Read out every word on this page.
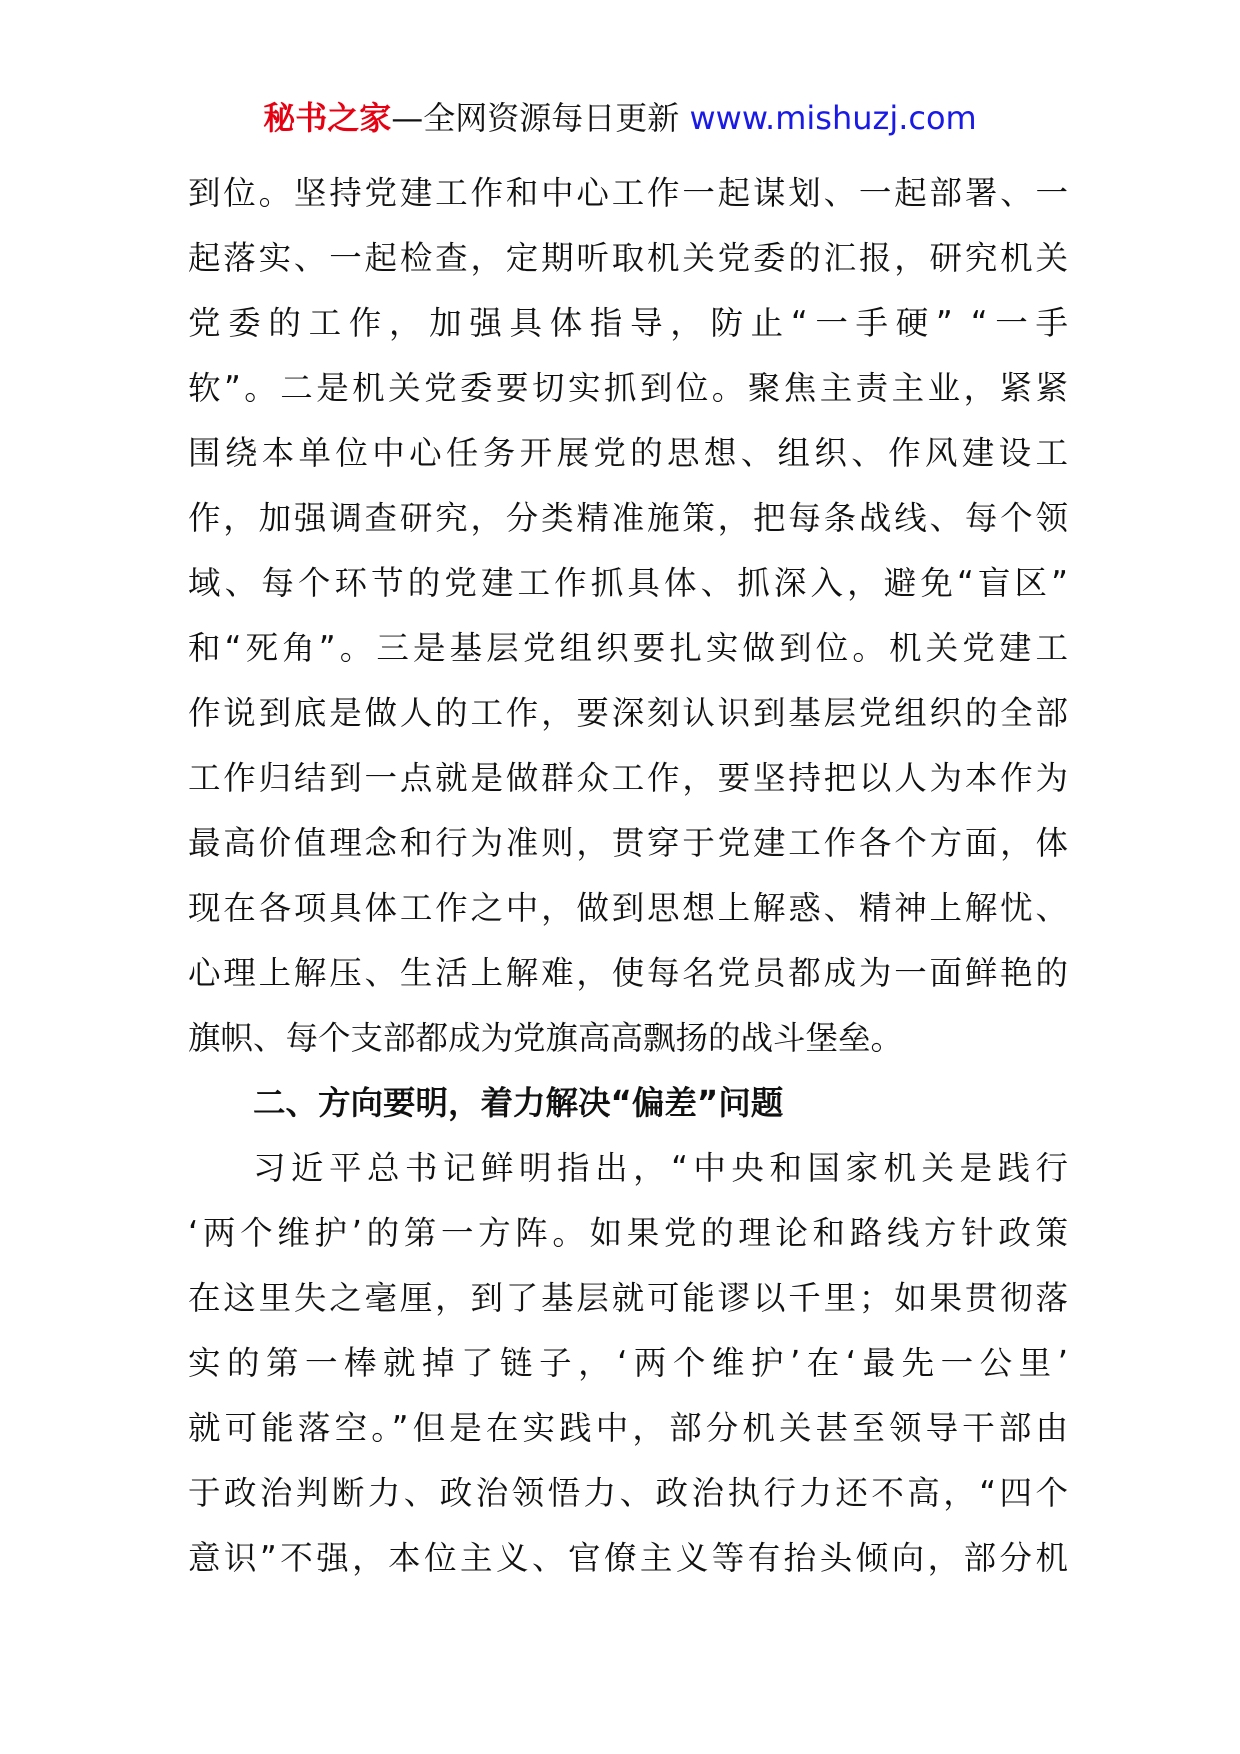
秘书之家—全网资源每日更新 www.mishuzj.com
到位。坚持党建工作和中心工作一起谋划、一起部署、一
起落实、一起检查，定期听取机关党委的汇报，研究机关
党委的工作，加强具体指导，防止“一手硬” “一手
软”。二是机关党委要切实抓到位。聚焦主责主业，紧紧
围绕本单位中心任务开展党的思想、组织、作风建设工
作，加强调查研究，分类精准施策，把每条战线、每个领
域、每个环节的党建工作抓具体、抓深入，避免“盲区”
和“死角”。三是基层党组织要扎实做到位。机关党建工
作说到底是做人的工作，要深刻认识到基层党组织的全部
工作归结到一点就是做群众工作，要坚持把以人为本作为
最高价值理念和行为准则，贯穿于党建工作各个方面，体
现在各项具体工作之中，做到思想上解惑、精神上解忧、
心理上解压、生活上解难，使每名党员都成为一面鲜艳的
旗帜、每个支部都成为党旗高高飘扬的战斗堡垒。
二、方向要明，着力解决“偏差”问题
习近平总书记鲜明指出，“中央和国家机关是践行
‘两个维护’的第一方阵。如果党的理论和路线方针政策
在这里失之毫厘，到了基层就可能谬以千里；如果贯彻落
实的第一棒就掉了链子，‘两个维护’在‘最先一公里’
就可能落空。”但是在实践中，部分机关甚至领导干部由
于政治判断力、政治领悟力、政治执行力还不高，“四个
意识”不强，本位主义、官僚主义等有抬头倾向，部分机
